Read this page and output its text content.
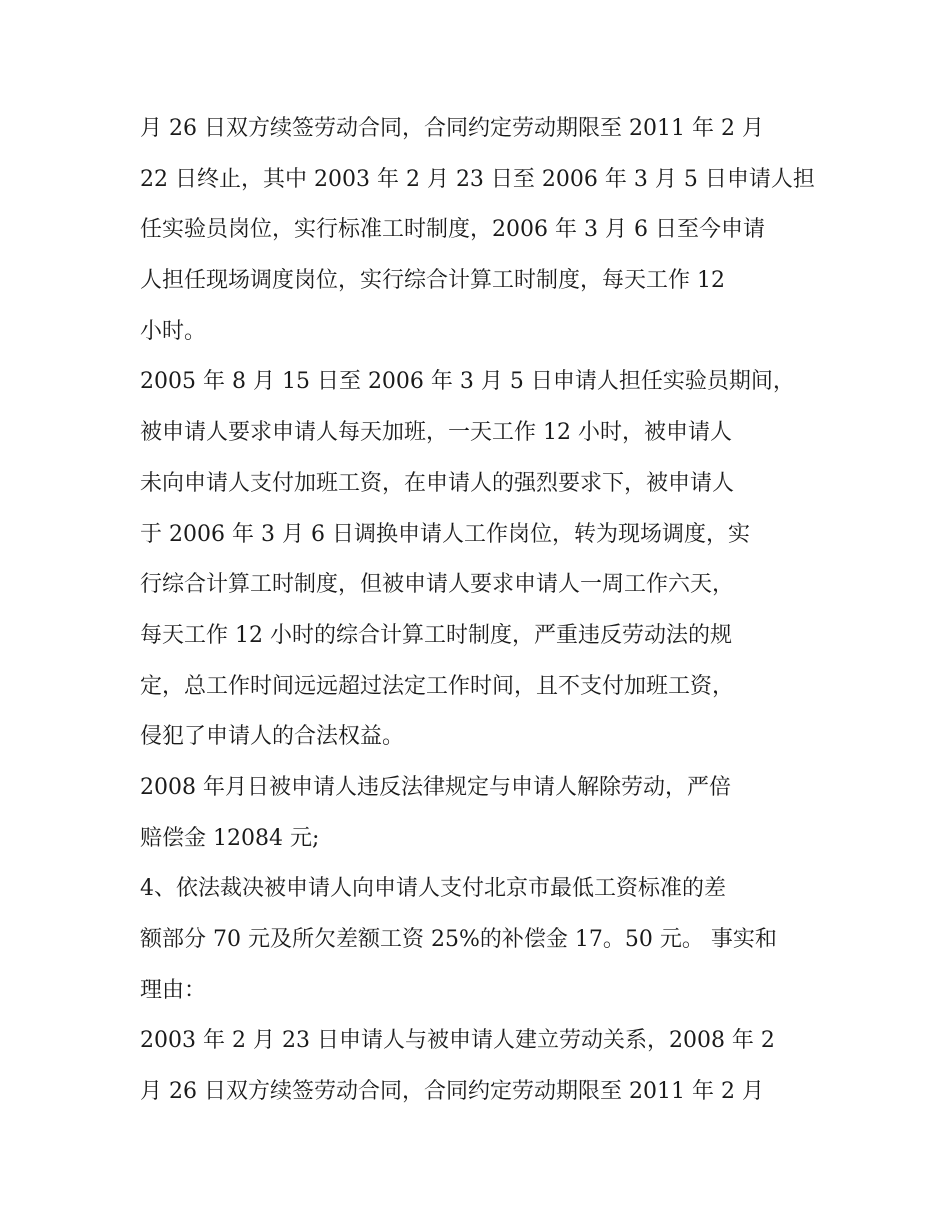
月 26 日双方续签劳动合同，合同约定劳动期限至 2011 年 2 月
22 日终止，其中 2003 年 2 月 23 日至 2006 年 3 月 5 日申请人担
任实验员岗位，实行标准工时制度，2006 年 3 月 6 日至今申请
人担任现场调度岗位，实行综合计算工时制度，每天工作 12
小时。
2005 年 8 月 15 日至 2006 年 3 月 5 日申请人担任实验员期间，
被申请人要求申请人每天加班，一天工作 12 小时，被申请人
未向申请人支付加班工资，在申请人的强烈要求下，被申请人
于 2006 年 3 月 6 日调换申请人工作岗位，转为现场调度，实
行综合计算工时制度，但被申请人要求申请人一周工作六天，
每天工作 12 小时的综合计算工时制度，严重违反劳动法的规
定，总工作时间远远超过法定工作时间，且不支付加班工资，
侵犯了申请人的合法权益。
2008 年月日被申请人违反法律规定与申请人解除劳动，严倍
赔偿金 12084 元;
4、依法裁决被申请人向申请人支付北京市最低工资标准的差
额部分 70 元及所欠差额工资 25%的补偿金 17。50 元。 事实和
理由：
2003 年 2 月 23 日申请人与被申请人建立劳动关系，2008 年 2
月 26 日双方续签劳动合同，合同约定劳动期限至 2011 年 2 月
